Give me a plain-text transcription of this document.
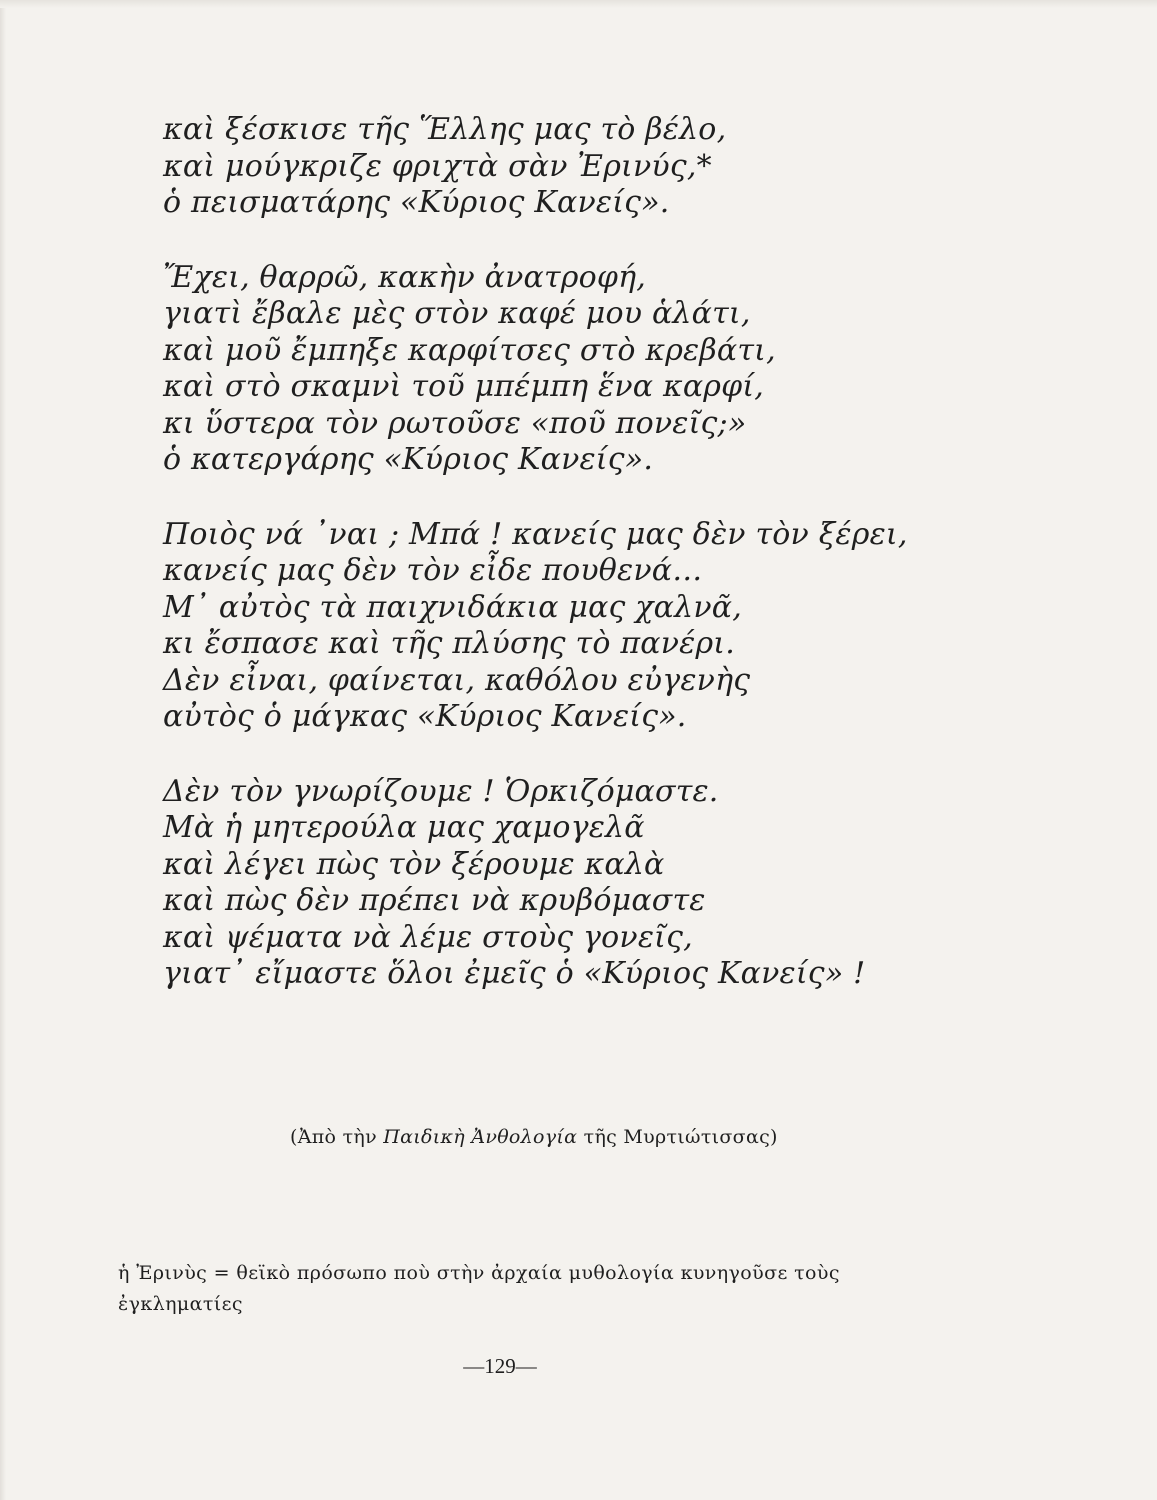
καὶ ξέσκισε τῆς Ἕλλης μας τὸ βέλο,
καὶ μούγκριζε φριχτὰ σὰν Ἐρινύς,*
ὁ πεισματάρης «Κύριος Κανείς».
Ἔχει, θαρρῶ, κακὴν ἀνατροφή,
γιατὶ ἔβαλε μὲς στὸν καφέ μου ἁλάτι,
καὶ μοῦ ἔμπηξε καρφίτσες στὸ κρεβάτι,
καὶ στὸ σκαμνὶ τοῦ μπέμπη ἕνα καρφί,
κι ὕστερα τὸν ρωτοῦσε «ποῦ πονεῖς;»
ὁ κατεργάρης «Κύριος Κανείς».
Ποιὸς νά ᾽ναι ; Μπά ! κανείς μας δὲν τὸν ξέρει,
κανείς μας δὲν τὸν εἶδε πουθενά…
Μ᾽ αὐτὸς τὰ παιχνιδάκια μας χαλνᾶ,
κι ἔσπασε καὶ τῆς πλύσης τὸ πανέρι.
Δὲν εἶναι, φαίνεται, καθόλου εὐγενὴς
αὐτὸς ὁ μάγκας «Κύριος Κανείς».
Δὲν τὸν γνωρίζουμε ! Ὁρκιζόμαστε.
Μὰ ἡ μητερούλα μας χαμογελᾶ
καὶ λέγει πὼς τὸν ξέρουμε καλὰ
καὶ πὼς δὲν πρέπει νὰ κρυβόμαστε
καὶ ψέματα νὰ λέμε στοὺς γονεῖς,
γιατ᾽ εἴμαστε ὅλοι ἐμεῖς ὁ «Κύριος Κανείς» !
(Ἀπὸ τὴν Παιδικὴ Ἀνθολογία τῆς Μυρτιώτισσας)
ἡ Ἐρινὺς = θεϊκὸ πρόσωπο ποὺ στὴν ἀρχαία μυθολογία κυνηγοῦσε τοὺς ἐγκληματίες
—129—
